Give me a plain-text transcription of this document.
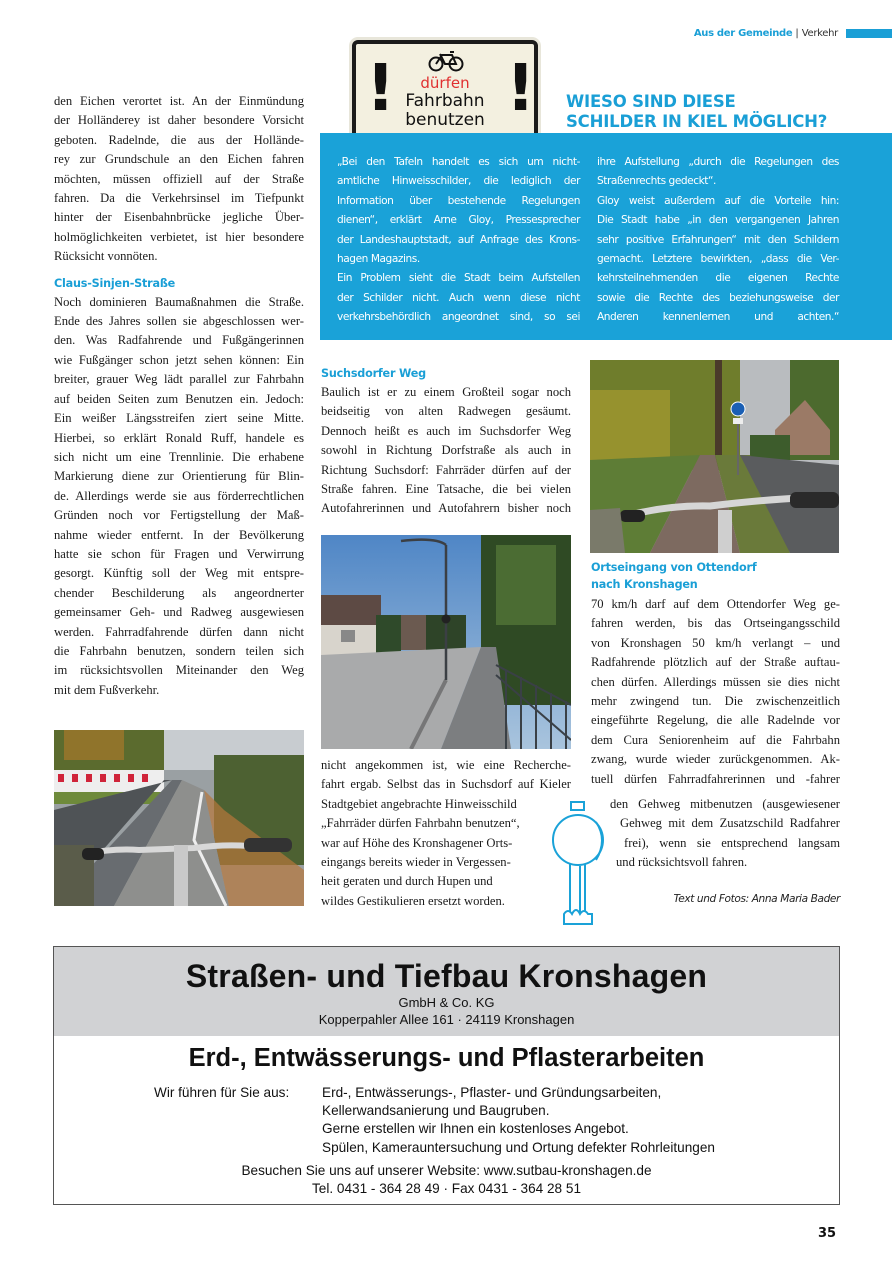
Aus der Gemeinde | Verkehr
den Eichen verortet ist. An der Einmündung
der Holländerey ist daher besondere Vorsicht
geboten. Radelnde, die aus der Hollände-
rey zur Grundschule an den Eichen fahren
möchten, müssen offiziell auf der Straße
fahren. Da die Verkehrsinsel im Tiefpunkt
hinter der Eisenbahnbrücke jegliche Über-
holmöglichkeiten verbietet, ist hier besondere
Rücksicht vonnöten.
Claus-Sinjen-Straße
Noch dominieren Baumaßnahmen die Straße.
Ende des Jahres sollen sie abgeschlossen wer-
den. Was Radfahrende und Fußgängerinnen
wie Fußgänger schon jetzt sehen können: Ein
breiter, grauer Weg lädt parallel zur Fahrbahn
auf beiden Seiten zum Benutzen ein. Jedoch:
Ein weißer Längsstreifen ziert seine Mitte.
Hierbei, so erklärt Ronald Ruff, handele es
sich nicht um eine Trennlinie. Die erhabene
Markierung diene zur Orientierung für Blin-
de. Allerdings werde sie aus förderrechtlichen
Gründen noch vor Fertigstellung der Maß-
nahme wieder entfernt. In der Bevölkerung
hatte sie schon für Fragen und Verwirrung
gesorgt. Künftig soll der Weg mit entspre-
chender Beschilderung als angeordnerter
gemeinsamer Geh- und Radweg ausgewiesen
werden. Fahrradfahrende dürfen dann nicht
die Fahrbahn benutzen, sondern teilen sich
im rücksichtsvollen Miteinander den Weg
mit dem Fußverkehr.
! !
dürfen
Fahrbahn
benutzen
WIESO SIND DIESE
SCHILDER IN KIEL MÖGLICH?
„Bei den Tafeln handelt es sich um nicht-
amtliche Hinweisschilder, die lediglich der
Information über bestehende Regelungen
dienen“, erklärt Arne Gloy, Pressesprecher
der Landeshauptstadt, auf Anfrage des Krons-
hagen Magazins.
Ein Problem sieht die Stadt beim Aufstellen
der Schilder nicht. Auch wenn diese nicht
verkehrsbehördlich angeordnet sind, so sei
ihre Aufstellung „durch die Regelungen des
Straßenrechts gedeckt“.
Gloy weist außerdem auf die Vorteile hin:
Die Stadt habe „in den vergangenen Jahren
sehr positive Erfahrungen“ mit den Schildern
gemacht. Letztere bewirkten, „dass die Ver-
kehrsteilnehmenden die eigenen Rechte
sowie die Rechte des beziehungsweise der
Anderen kennenlernen und achten.“
Suchsdorfer Weg
Baulich ist er zu einem Großteil sogar noch
beidseitig von alten Radwegen gesäumt.
Dennoch heißt es auch im Suchsdorfer Weg
sowohl in Richtung Dorfstraße als auch in
Richtung Suchsdorf: Fahrräder dürfen auf der
Straße fahren. Eine Tatsache, die bei vielen
Autofahrerinnen und Autofahrern bisher noch
nicht angekommen ist, wie eine Recherche-
fahrt ergab. Selbst das in Suchsdorf auf Kieler
Stadtgebiet angebrachte Hinweisschild
„Fahrräder dürfen Fahrbahn benutzen“,
war auf Höhe des Kronshagener Orts-
eingangs bereits wieder in Vergessen-
heit geraten und durch Hupen und
wildes Gestikulieren ersetzt worden.
Ortseingang von Ottendorf
nach Kronshagen
70 km/h darf auf dem Ottendorfer Weg ge-
fahren werden, bis das Ortseingangsschild
von Kronshagen 50 km/h verlangt – und
Radfahrende plötzlich auf der Straße auftau-
chen dürfen. Allerdings müssen sie dies nicht
mehr zwingend tun. Die zwischenzeitlich
eingeführte Regelung, die alle Radelnde vor
dem Cura Seniorenheim auf die Fahrbahn
zwang, wurde wieder zurückgenommen. Ak-
tuell dürfen Fahrradfahrerinnen und -fahrer
den Gehweg mitbenutzen (ausgewiesener
Gehweg mit dem Zusatzschild Radfahrer
frei), wenn sie entsprechend langsam
und rücksichtsvoll fahren.
Text und Fotos: Anna Maria Bader
Straßen- und Tiefbau Kronshagen
GmbH & Co. KG
Kopperpahler Allee 161 · 24119 Kronshagen
Erd-, Entwässerungs- und Pflasterarbeiten
Wir führen für Sie aus:	Erd-, Entwässerungs-, Pflaster- und Gründungsarbeiten,
Kellerwandsanierung und Baugruben.
Gerne erstellen wir Ihnen ein kostenloses Angebot.
Spülen, Kamerauntersuchung und Ortung defekter Rohrleitungen
Besuchen Sie uns auf unserer Website: www.sutbau-kronshagen.de
Tel. 0431 - 364 28 49 · Fax 0431 - 364 28 51
35
